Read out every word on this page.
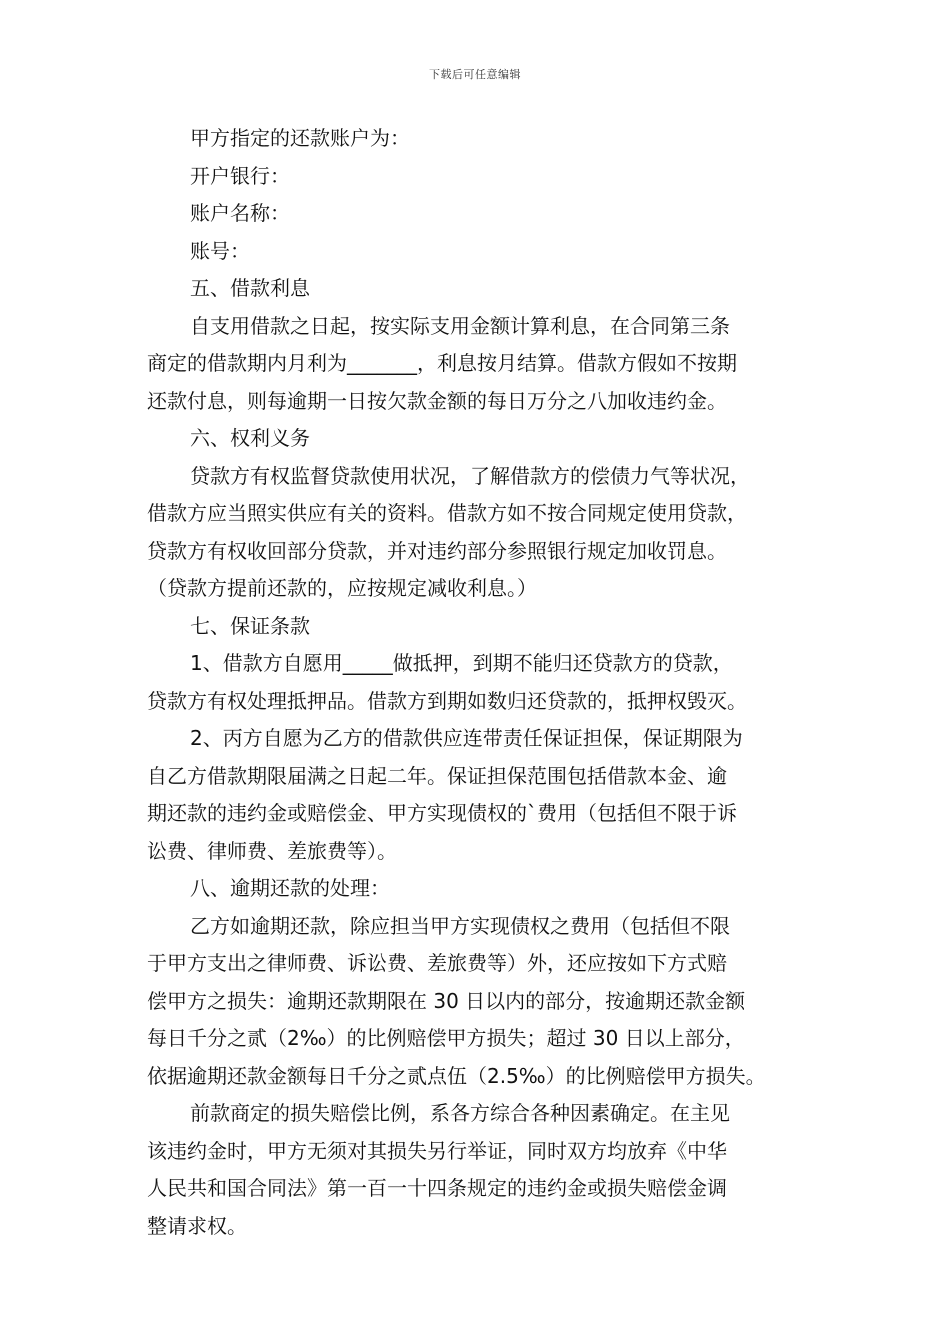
下载后可任意编辑
甲方指定的还款账户为：
开户银行：
账户名称：
账号：
五、借款利息
自支用借款之日起，按实际支用金额计算利息，在合同第三条
商定的借款期内月利为_______，利息按月结算。借款方假如不按期
还款付息，则每逾期一日按欠款金额的每日万分之八加收违约金。
六、权利义务
贷款方有权监督贷款使用状况，了解借款方的偿债力气等状况，
借款方应当照实供应有关的资料。借款方如不按合同规定使用贷款，
贷款方有权收回部分贷款，并对违约部分参照银行规定加收罚息。
（贷款方提前还款的，应按规定减收利息。）
七、保证条款
1、借款方自愿用_____做抵押，到期不能归还贷款方的贷款，
贷款方有权处理抵押品。借款方到期如数归还贷款的，抵押权毁灭。
2、丙方自愿为乙方的借款供应连带责任保证担保，保证期限为
自乙方借款期限届满之日起二年。保证担保范围包括借款本金、逾
期还款的违约金或赔偿金、甲方实现债权的`费用（包括但不限于诉
讼费、律师费、差旅费等）。
八、逾期还款的处理：
乙方如逾期还款，除应担当甲方实现债权之费用（包括但不限
于甲方支出之律师费、诉讼费、差旅费等）外，还应按如下方式赔
偿甲方之损失：逾期还款期限在 30 日以内的部分，按逾期还款金额
每日千分之贰（2‰）的比例赔偿甲方损失；超过 30 日以上部分，
依据逾期还款金额每日千分之贰点伍（2.5‰）的比例赔偿甲方损失。
前款商定的损失赔偿比例，系各方综合各种因素确定。在主见
该违约金时，甲方无须对其损失另行举证，同时双方均放弃《中华
人民共和国合同法》第一百一十四条规定的违约金或损失赔偿金调
整请求权。
